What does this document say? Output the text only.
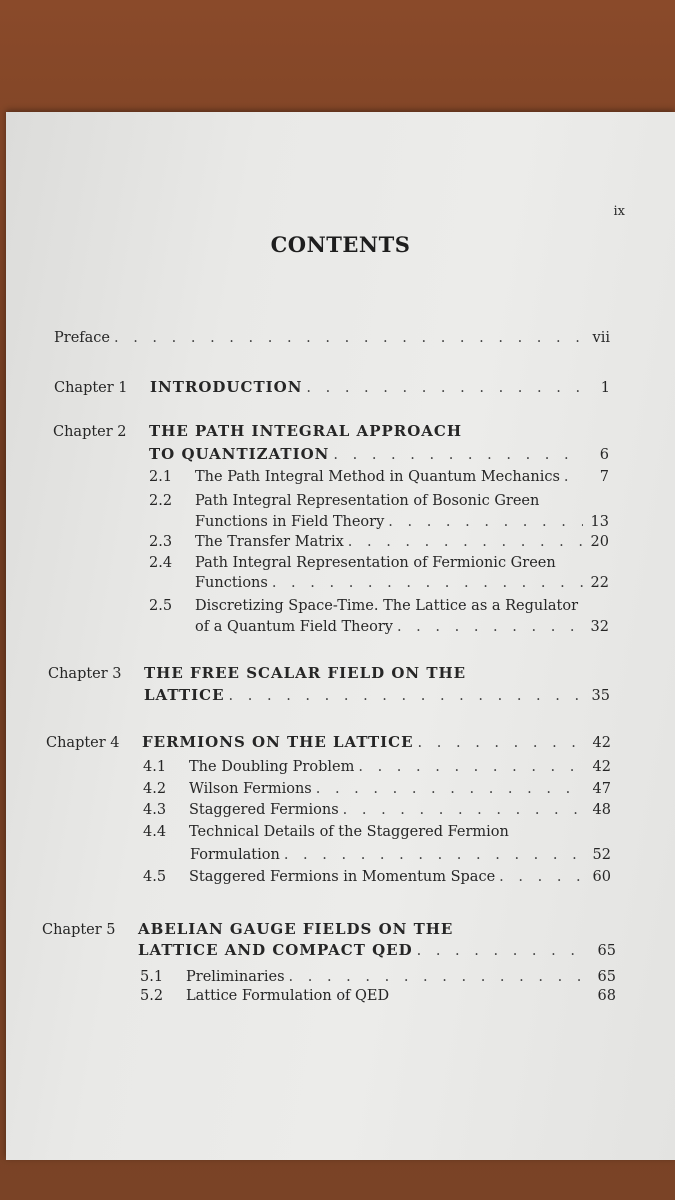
ix
CONTENTS
Preface . . .	vii
Chapter 1	INTRODUCTION . . .	1
Chapter 2	THE PATH INTEGRAL APPROACH
TO QUANTIZATION . . .	6
2.1	The Path Integral Method in Quantum Mechanics . . .	7
2.2	Path Integral Representation of Bosonic Green
Functions in Field Theory . . .	13
2.3	The Transfer Matrix . . .	20
2.4	Path Integral Representation of Fermionic Green
Functions . . .	22
2.5	Discretizing Space-Time. The Lattice as a Regulator
of a Quantum Field Theory . . .	32
Chapter 3	THE FREE SCALAR FIELD ON THE
LATTICE . . .	35
Chapter 4	FERMIONS ON THE LATTICE . . .	42
4.1	The Doubling Problem . . .	42
4.2	Wilson Fermions . . .	47
4.3	Staggered Fermions . . .	48
4.4	Technical Details of the Staggered Fermion
Formulation . . .	52
4.5	Staggered Fermions in Momentum Space . . .	60
Chapter 5	ABELIAN GAUGE FIELDS ON THE
LATTICE AND COMPACT QED . . .	65
5.1	Preliminaries . . .	65
5.2	Lattice Formulation of QED	68
